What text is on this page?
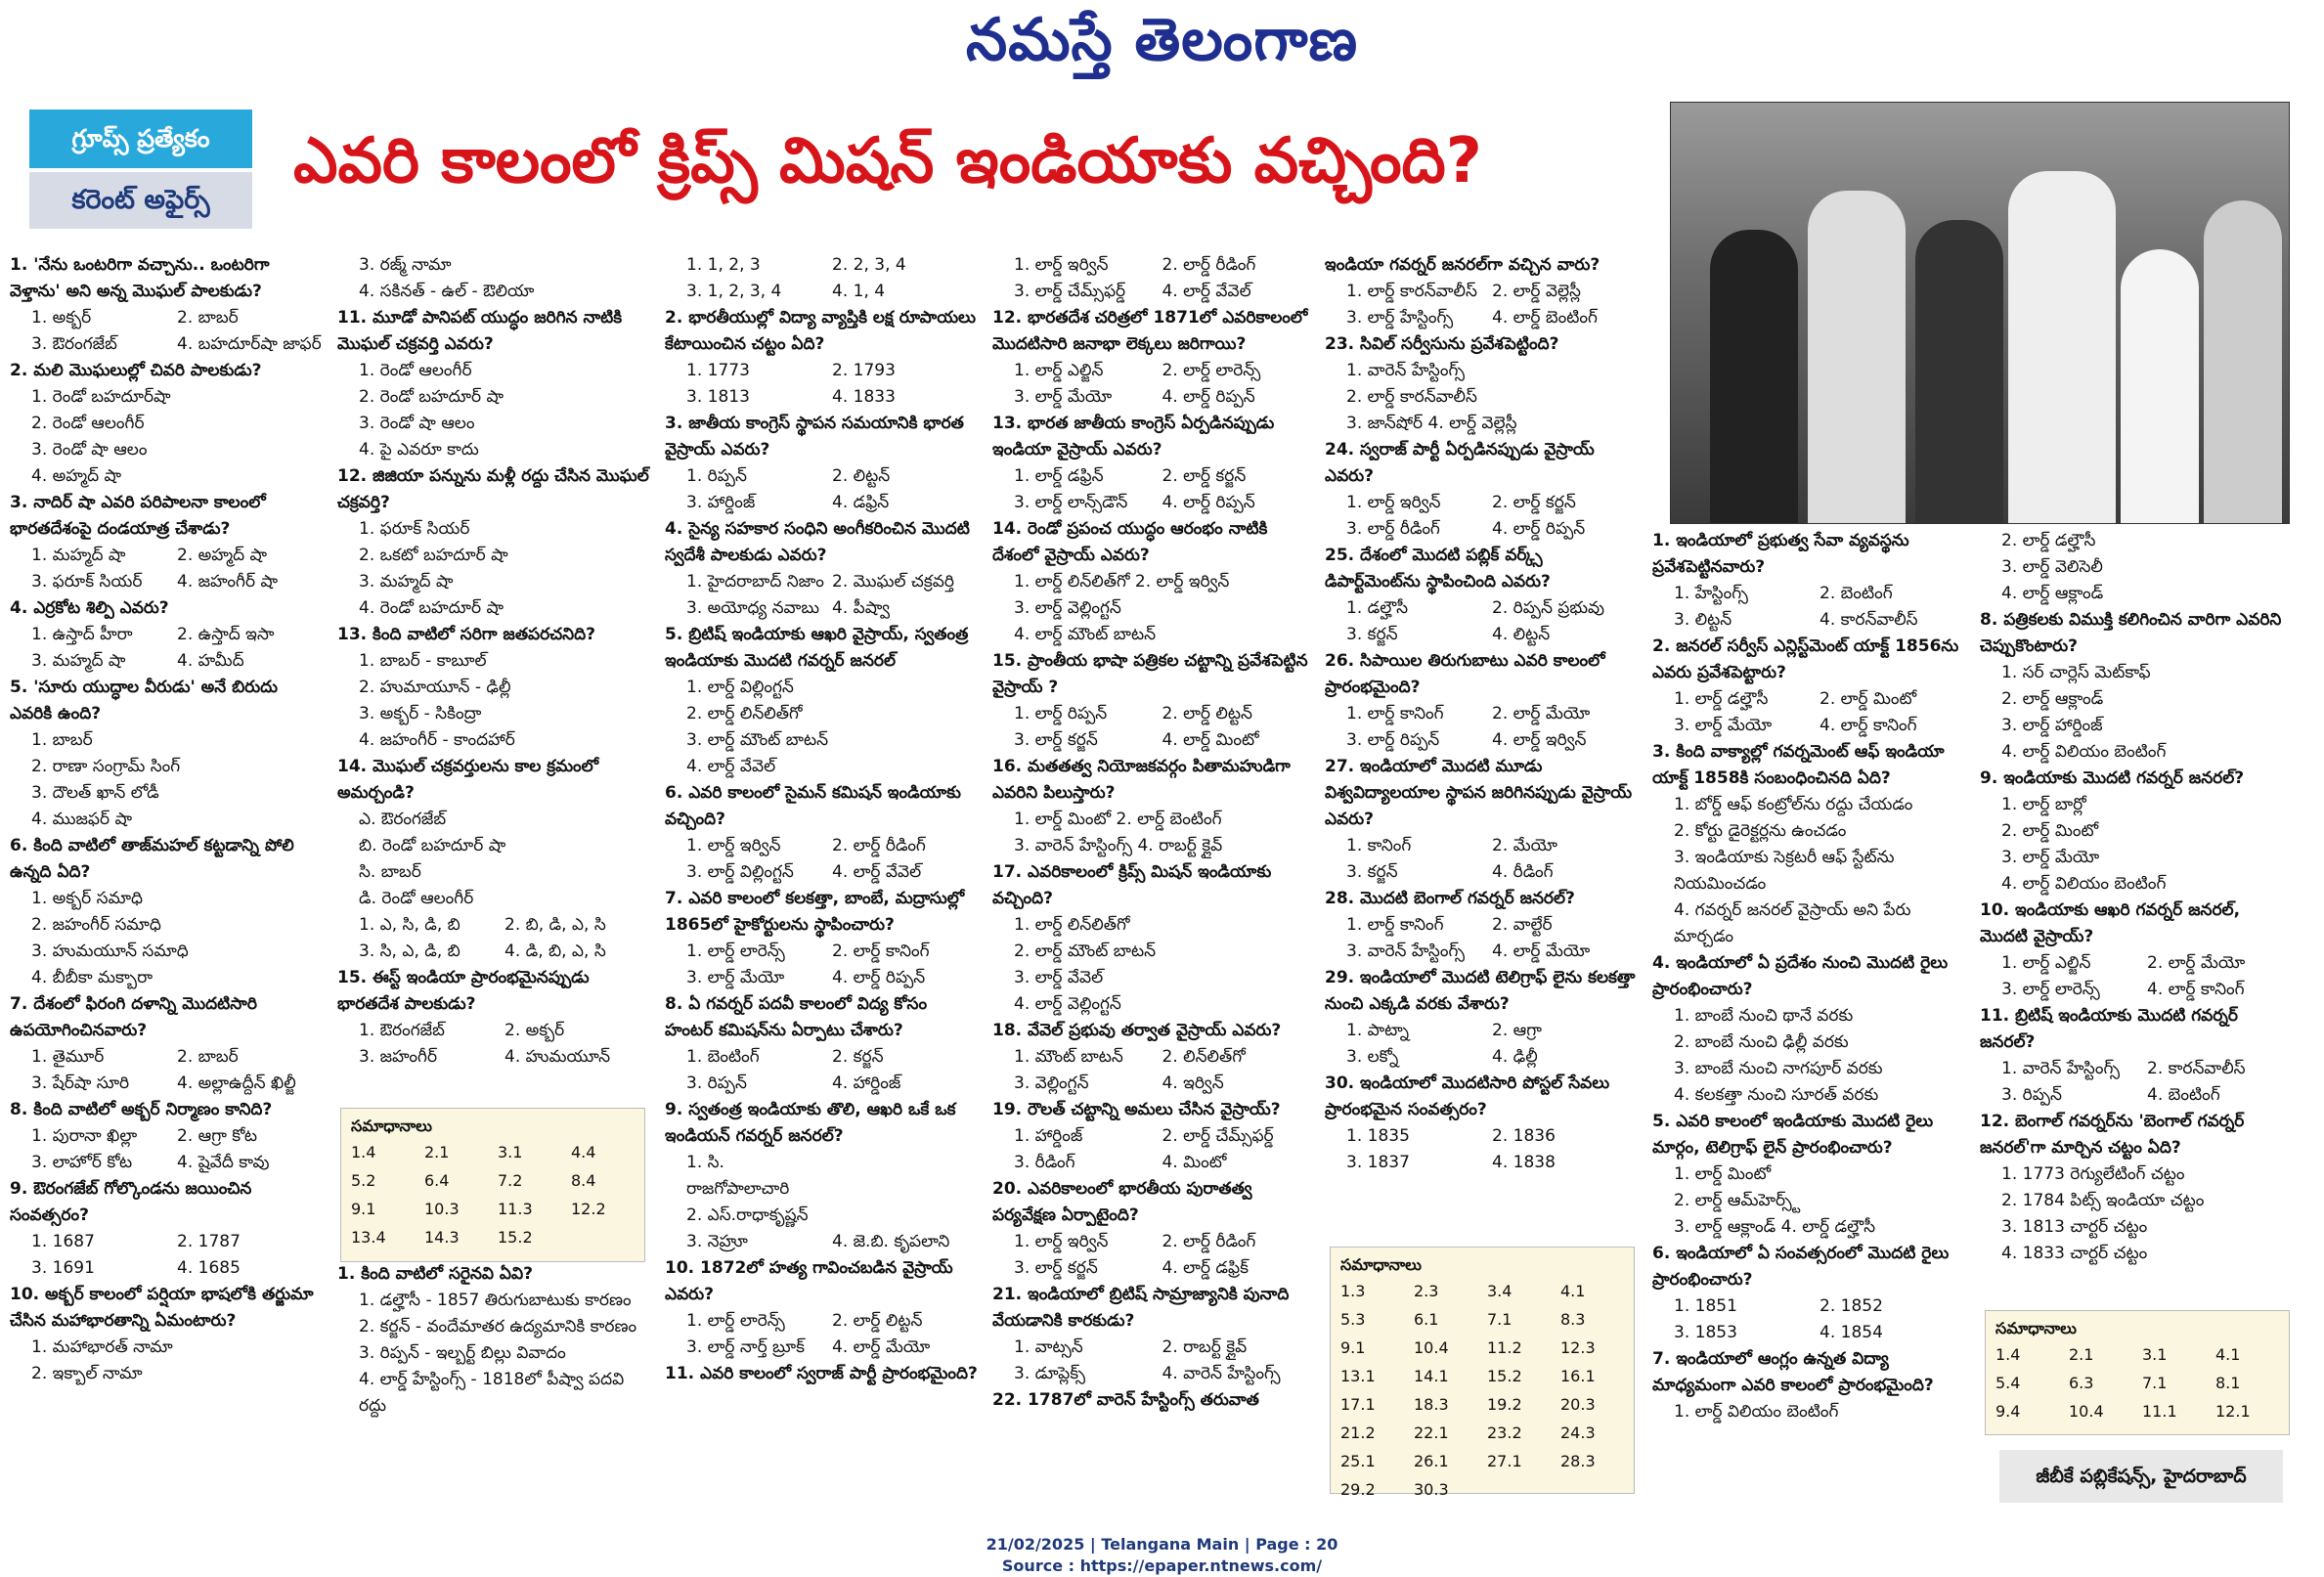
నమస్తే తెలంగాణ
గ్రూప్స్ ప్రత్యేకం
కరెంట్ అఫైర్స్
ఎవరి కాలంలో క్రిప్స్ మిషన్ ఇండియాకు వచ్చింది?
1. 'నేను ఒంటరిగా వచ్చాను.. ఒంటరిగా వెళ్తాను' అని అన్న మొఘల్ పాలకుడు?
1. అక్బర్	2. బాబర్
3. ఔరంగజేబ్	4. బహదూర్‌షా జాఫర్
2. మలి మొఘలుల్లో చివరి పాలకుడు?
1. రెండో బహదూర్‌షా
2. రెండో ఆలంగీర్
3. రెండో షా ఆలం
4. అహ్మద్ షా
3. నాదిర్ షా ఎవరి పరిపాలనా కాలంలో భారతదేశంపై దండయాత్ర చేశాడు?
1. మహ్మద్ షా	2. అహ్మద్ షా
3. ఫరూక్ సియర్	4. జహంగీర్ షా
4. ఎర్రకోట శిల్పి ఎవరు?
1. ఉస్తాద్ హీరా	2. ఉస్తాద్ ఇసా
3. మహ్మద్ షా	4. హమీద్
5. 'సూరు యుద్ధాల వీరుడు' అనే బిరుదు ఎవరికి ఉంది?
1. బాబర్
2. రాణా సంగ్రామ్ సింగ్
3. దౌలత్ ఖాన్ లోడీ
4. ముజఫర్ షా
6. కింది వాటిలో తాజ్‌మహల్ కట్టడాన్ని పోలి ఉన్నది ఏది?
1. అక్బర్ సమాధి
2. జహంగీర్ సమాధి
3. హుమయూన్ సమాధి
4. బీబీకా మక్బారా
7. దేశంలో ఫిరంగి దళాన్ని మొదటిసారి ఉపయోగించినవారు?
1. తైమూర్	2. బాబర్
3. షేర్‌షా సూరి	4. అల్లాఉద్దీన్ ఖిల్జీ
8. కింది వాటిలో అక్బర్ నిర్మాణం కానిది?
1. పురానా ఖిల్లా	2. ఆగ్రా కోట
3. లాహోర్ కోట	4. షైవేదీ కావు
9. ఔరంగజేబ్ గోల్కొండను జయించిన సంవత్సరం?
1. 1687	2. 1787
3. 1691	4. 1685
10. అక్బర్ కాలంలో పర్షియా భాషలోకి తర్జుమా చేసిన మహాభారతాన్ని ఏమంటారు?
1. మహాభారత్ నామా
2. ఇక్బాల్ నామా
3. రజ్మ్ నామా
4. సకినత్ - ఉల్ - ఔలియా
11. మూడో పానిపట్ యుద్ధం జరిగిన నాటికి మొఘల్ చక్రవర్తి ఎవరు?
1. రెండో ఆలంగీర్
2. రెండో బహదూర్ షా
3. రెండో షా ఆలం
4. పై ఎవరూ కాదు
12. జిజియా పన్నును మళ్లీ రద్దు చేసిన మొఘల్ చక్రవర్తి?
1. ఫరూక్ సియర్
2. ఒకటో బహదూర్ షా
3. మహ్మద్ షా
4. రెండో బహదూర్ షా
13. కింది వాటిలో సరిగా జతపరచనిది?
1. బాబర్ - కాబూల్
2. హుమాయూన్ - ఢిల్లీ
3. అక్బర్ - సికింద్రా
4. జహంగీర్ - కాందహార్
14. మొఘల్ చక్రవర్తులను కాల క్రమంలో అమర్చండి?
ఎ. ఔరంగజేబ్
బి. రెండో బహదూర్ షా
సి. బాబర్
డి. రెండో ఆలంగీర్
1. ఎ, సి, డి, బి	2. బి, డి, ఎ, సి
3. సి, ఎ, డి, బి	4. డి, బి, ఎ, సి
15. ఈస్ట్ ఇండియా ప్రారంభమైనప్పుడు భారతదేశ పాలకుడు?
1. ఔరంగజేబ్	2. అక్బర్
3. జహంగీర్	4. హుమయూన్
1. 1, 2, 3	2. 2, 3, 4
3. 1, 2, 3, 4	4. 1, 4
2. భారతీయుల్లో విద్యా వ్యాప్తికి లక్ష రూపాయలు కేటాయించిన చట్టం ఏది?
1. 1773	2. 1793
3. 1813	4. 1833
3. జాతీయ కాంగ్రెస్ స్థాపన సమయానికి భారత వైస్రాయ్ ఎవరు?
1. రిప్పన్	2. లిట్టన్
3. హార్డింజ్	4. డఫ్రిన్
4. సైన్య సహకార సంధిని అంగీకరించిన మొదటి స్వదేశీ పాలకుడు ఎవరు?
1. హైదరాబాద్ నిజాం 2. మొఘల్ చక్రవర్తి
3. అయోధ్య నవాబు 4. పీష్వా
5. బ్రిటిష్ ఇండియాకు ఆఖరి వైస్రాయ్, స్వతంత్ర ఇండియాకు మొదటి గవర్నర్ జనరల్
1. లార్డ్ విల్లింగ్టన్
2. లార్డ్ లిన్‌లిత్‌గో
3. లార్డ్ మౌంట్ బాటన్
4. లార్డ్ వేవెల్
6. ఎవరి కాలంలో సైమన్ కమిషన్ ఇండియాకు వచ్చింది?
1. లార్డ్ ఇర్విన్	2. లార్డ్ రీడింగ్
3. లార్డ్ విల్లింగ్టన్	4. లార్డ్ వేవెల్
7. ఎవరి కాలంలో కలకత్తా, బాంబే, మద్రాసుల్లో 1865లో హైకోర్టులను స్థాపించారు?
1. లార్డ్ లారెన్స్	2. లార్డ్ కానింగ్
3. లార్డ్ మేయో	4. లార్డ్ రిప్పన్
8. ఏ గవర్నర్ పదవీ కాలంలో విద్య కోసం హంటర్ కమిషన్‌ను ఏర్పాటు చేశారు?
1. బెంటింగ్	2. కర్జన్
3. రిప్పన్	4. హార్డింజ్
9. స్వతంత్ర ఇండియాకు తొలి, ఆఖరి ఒకే ఒక ఇండియన్ గవర్నర్ జనరల్?
1. సి. రాజగోపాలాచారి
2. ఎస్.రాధాకృష్ణన్
3. నెహ్రూ	4. జె.బి. కృపలాని
10. 1872లో హత్య గావించబడిన వైస్రాయ్ ఎవరు?
1. లార్డ్ లారెన్స్	2. లార్డ్ లిట్టన్
3. లార్డ్ నార్త్ బ్రూక్	4. లార్డ్ మేయో
11. ఎవరి కాలంలో స్వరాజ్ పార్టీ ప్రారంభమైంది?
1. లార్డ్ ఇర్విన్	2. లార్డ్ రీడింగ్
3. లార్డ్ చేమ్స్‌ఫర్డ్	4. లార్డ్ వేవెల్
12. భారతదేశ చరిత్రలో 1871లో ఎవరికాలంలో మొదటిసారి జనాభా లెక్కలు జరిగాయి?
1. లార్డ్ ఎల్జిన్	2. లార్డ్ లారెన్స్
3. లార్డ్ మేయో	4. లార్డ్ రిప్పన్
13. భారత జాతీయ కాంగ్రెస్ ఏర్పడినప్పుడు ఇండియా వైస్రాయ్ ఎవరు?
1. లార్డ్ డఫ్రిన్	2. లార్డ్ కర్జన్
3. లార్డ్ లాన్స్‌డౌన్	4. లార్డ్ రిప్పన్
14. రెండో ప్రపంచ యుద్ధం ఆరంభం నాటికి దేశంలో వైస్రాయ్ ఎవరు?
1. లార్డ్ లిన్‌లిత్‌గో 2. లార్డ్ ఇర్విన్
3. లార్డ్ వెల్లింగ్టన్
4. లార్డ్ మౌంట్ బాటన్
15. ప్రాంతీయ భాషా పత్రికల చట్టాన్ని ప్రవేశపెట్టిన వైస్రాయ్ ?
1. లార్డ్ రిప్పన్	2. లార్డ్ లిట్టన్
3. లార్డ్ కర్జన్	4. లార్డ్ మింటో
16. మతతత్వ నియోజకవర్గం పితామహుడిగా ఎవరిని పిలుస్తారు?
1. లార్డ్ మింటో 2. లార్డ్ బెంటింగ్
3. వారెన్ హేస్టింగ్స్ 4. రాబర్ట్ క్లైవ్
17. ఎవరికాలంలో క్రిప్స్ మిషన్ ఇండియాకు వచ్చింది?
1. లార్డ్ లిన్‌లిత్‌గో
2. లార్డ్ మౌంట్ బాటన్
3. లార్డ్ వేవెల్
4. లార్డ్ వెల్లింగ్టన్
18. వేవెల్ ప్రభువు తర్వాత వైస్రాయ్ ఎవరు?
1. మౌంట్ బాటన్	2. లిన్‌లిత్‌గో
3. వెల్లింగ్టన్	4. ఇర్విన్
19. రౌలత్ చట్టాన్ని అమలు చేసిన వైస్రాయ్?
1. హార్డింజ్	2. లార్డ్ చేమ్స్‌ఫర్డ్
3. రీడింగ్	4. మింటో
20. ఎవరికాలంలో భారతీయ పురాతత్వ పర్యవేక్షణ ఏర్పాటైంది?
1. లార్డ్ ఇర్విన్	2. లార్డ్ రీడింగ్
3. లార్డ్ కర్జన్	4. లార్డ్ డఫ్రిక్
21. ఇండియాలో బ్రిటిష్ సామ్రాజ్యానికి పునాది వేయడానికి కారకుడు?
1. వాట్సన్	2. రాబర్ట్ క్లైవ్
3. డూప్లెక్స్	4. వారెన్ హేస్టింగ్స్
22. 1787లో వారెన్ హేస్టింగ్స్ తరువాత
ఇండియా గవర్నర్ జనరల్‌గా వచ్చిన వారు?
1. లార్డ్ కారన్‌వాలీస్ 2. లార్డ్ వెల్లెస్లీ
3. లార్డ్ హేస్టింగ్స్	4. లార్డ్ బెంటింగ్
23. సివిల్ సర్వీసును ప్రవేశపెట్టింది?
1. వారెన్ హేస్టింగ్స్
2. లార్డ్ కారన్‌వాలీస్
3. జాన్‌షోర్ 4. లార్డ్ వెల్లెస్లీ
24. స్వరాజ్ పార్టీ ఏర్పడినప్పుడు వైస్రాయ్ ఎవరు?
1. లార్డ్ ఇర్విన్	2. లార్డ్ కర్జన్
3. లార్డ్ రీడింగ్	4. లార్డ్ రిప్పన్
25. దేశంలో మొదటి పబ్లిక్ వర్క్స్ డిపార్ట్‌మెంట్‌ను స్థాపించింది ఎవరు?
1. డల్హౌసీ	2. రిప్పన్ ప్రభువు
3. కర్జన్	4. లిట్టన్
26. సిపాయిల తిరుగుబాటు ఎవరి కాలంలో ప్రారంభమైంది?
1. లార్డ్ కానింగ్	2. లార్డ్ మేయో
3. లార్డ్ రిప్పన్	4. లార్డ్ ఇర్విన్
27. ఇండియాలో మొదటి మూడు విశ్వవిద్యాలయాల స్థాపన జరిగినప్పుడు వైస్రాయ్ ఎవరు?
1. కానింగ్	2. మేయో
3. కర్జన్	4. రీడింగ్
28. మొదటి బెంగాల్ గవర్నర్ జనరల్?
1. లార్డ్ కానింగ్	2. వాల్టేర్
3. వారెన్ హేస్టింగ్స్	4. లార్డ్ మేయో
29. ఇండియాలో మొదటి టెలిగ్రాఫ్ లైను కలకత్తా నుంచి ఎక్కడి వరకు వేశారు?
1. పాట్నా	2. ఆగ్రా
3. లక్నో	4. ఢిల్లీ
30. ఇండియాలో మొదటిసారి పోస్టల్ సేవలు ప్రారంభమైన సంవత్సరం?
1. 1835	2. 1836
3. 1837	4. 1838
1. ఇండియాలో ప్రభుత్వ సేవా వ్యవస్థను ప్రవేశపెట్టినవారు?
1. హేస్టింగ్స్	2. బెంటింగ్
3. లిట్టన్	4. కారన్‌వాలీస్
2. జనరల్ సర్వీస్ ఎన్లిస్ట్‌మెంట్ యాక్ట్ 1856ను ఎవరు ప్రవేశపెట్టారు?
1. లార్డ్ డల్హౌసీ	2. లార్డ్ మింటో
3. లార్డ్ మేయో	4. లార్డ్ కానింగ్
3. కింది వాక్యాల్లో గవర్నమెంట్ ఆఫ్ ఇండియా యాక్ట్ 1858కి సంబంధించినది ఏది?
1. బోర్డ్ ఆఫ్ కంట్రోల్‌ను రద్దు చేయడం
2. కోర్టు డైరెక్టర్లను ఉంచడం
3. ఇండియాకు సెక్రటరీ ఆఫ్ స్టేట్‌ను నియమించడం
4. గవర్నర్ జనరల్ వైస్రాయ్ అని పేరు మార్చడం
4. ఇండియాలో ఏ ప్రదేశం నుంచి మొదటి రైలు ప్రారంభించారు?
1. బాంబే నుంచి థానే వరకు
2. బాంబే నుంచి ఢిల్లీ వరకు
3. బాంబే నుంచి నాగపూర్ వరకు
4. కలకత్తా నుంచి సూరత్ వరకు
5. ఎవరి కాలంలో ఇండియాకు మొదటి రైలు మార్గం, టెలిగ్రాఫ్ లైన్ ప్రారంభించారు?
1. లార్డ్ మింటో
2. లార్డ్ ఆమ్‌హెర్స్ట్
3. లార్డ్ ఆక్లాండ్ 4. లార్డ్ డల్హౌసీ
6. ఇండియాలో ఏ సంవత్సరంలో మొదటి రైలు ప్రారంభించారు?
1. 1851	2. 1852
3. 1853	4. 1854
7. ఇండియాలో ఆంగ్లం ఉన్నత విద్యా మాధ్యమంగా ఎవరి కాలంలో ప్రారంభమైంది?
1. లార్డ్ విలియం బెంటింగ్
2. లార్డ్ డల్హౌసీ
3. లార్డ్ వెలిసెలీ
4. లార్డ్ ఆక్లాండ్
8. పత్రికలకు విముక్తి కలిగించిన వారిగా ఎవరిని చెప్పుకొంటారు?
1. సర్ చార్లెస్ మెట్‌కాఫ్
2. లార్డ్ ఆక్లాండ్
3. లార్డ్ హార్డింజ్
4. లార్డ్ విలియం బెంటింగ్
9. ఇండియాకు మొదటి గవర్నర్ జనరల్?
1. లార్డ్ బార్లో
2. లార్డ్ మింటో
3. లార్డ్ మేయో
4. లార్డ్ విలియం బెంటింగ్
10. ఇండియాకు ఆఖరి గవర్నర్ జనరల్, మొదటి వైస్రాయ్?
1. లార్డ్ ఎల్జిన్	2. లార్డ్ మేయో
3. లార్డ్ లారెన్స్	4. లార్డ్ కానింగ్
11. బ్రిటిష్ ఇండియాకు మొదటి గవర్నర్ జనరల్?
1. వారెన్ హేస్టింగ్స్	2. కారన్‌వాలీస్
3. రిప్పన్	4. బెంటింగ్
12. బెంగాల్ గవర్నర్‌ను 'బెంగాల్ గవర్నర్ జనరల్'గా మార్చిన చట్టం ఏది?
1. 1773 రెగ్యులేటింగ్ చట్టం
2. 1784 పిట్స్ ఇండియా చట్టం
3. 1813 చార్టర్ చట్టం
4. 1833 చార్టర్ చట్టం
సమాధానాలు
1.4	2.1	3.1	4.4
5.2	6.4	7.2	8.4
9.1	10.3	11.3	12.2
13.4	14.3	15.2
1. కింది వాటిలో సరైనవి ఏవి?
1. డల్హౌసీ - 1857 తిరుగుబాటుకు కారణం
2. కర్జన్ - వందేమాతర ఉద్యమానికి కారణం
3. రిప్పన్ - ఇల్బర్ట్ బిల్లు వివాదం
4. లార్డ్ హేస్టింగ్స్ - 1818లో పీష్వా పదవి రద్దు
సమాధానాలు
1.3	2.3	3.4	4.1
5.3	6.1	7.1	8.3
9.1	10.4	11.2	12.3
13.1	14.1	15.2	16.1
17.1	18.3	19.2	20.3
21.2	22.1	23.2	24.3
25.1	26.1	27.1	28.3
29.2	30.3
సమాధానాలు
1.4	2.1	3.1	4.1
5.4	6.3	7.1	8.1
9.4	10.4	11.1	12.1
జీబీకే పబ్లికేషన్స్, హైదరాబాద్
21/02/2025 | Telangana Main | Page : 20
Source : https://epaper.ntnews.com/
